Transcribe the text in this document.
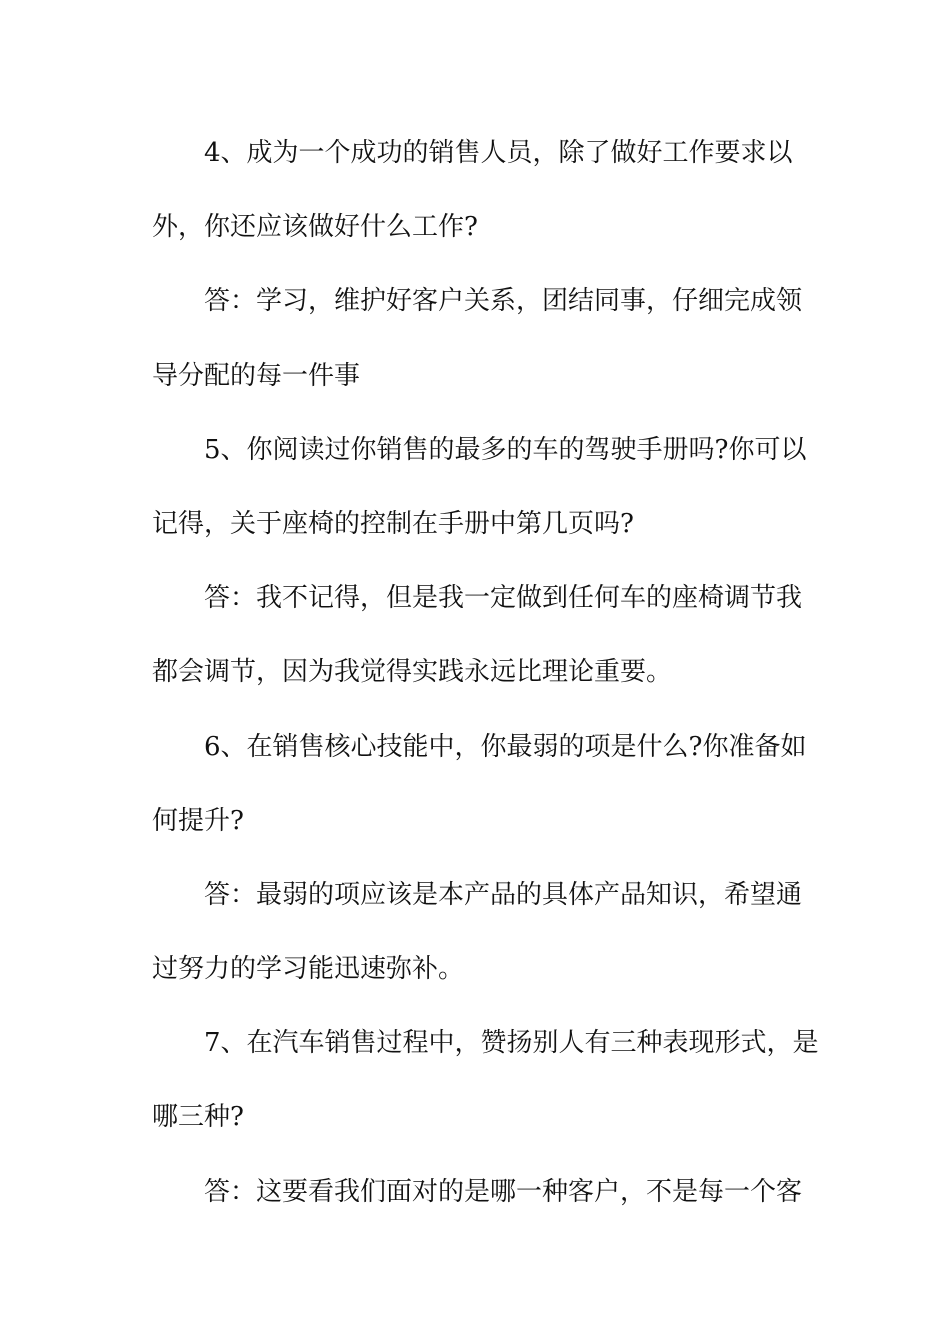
4、成为一个成功的销售人员，除了做好工作要求以

外，你还应该做好什么工作?

答：学习，维护好客户关系，团结同事，仔细完成领

导分配的每一件事

5、你阅读过你销售的最多的车的驾驶手册吗?你可以

记得，关于座椅的控制在手册中第几页吗?

答：我不记得，但是我一定做到任何车的座椅调节我

都会调节，因为我觉得实践永远比理论重要。

6、在销售核心技能中，你最弱的项是什么?你准备如

何提升?

答：最弱的项应该是本产品的具体产品知识，希望通

过努力的学习能迅速弥补。

7、在汽车销售过程中，赞扬别人有三种表现形式，是

哪三种?

答：这要看我们面对的是哪一种客户，不是每一个客
